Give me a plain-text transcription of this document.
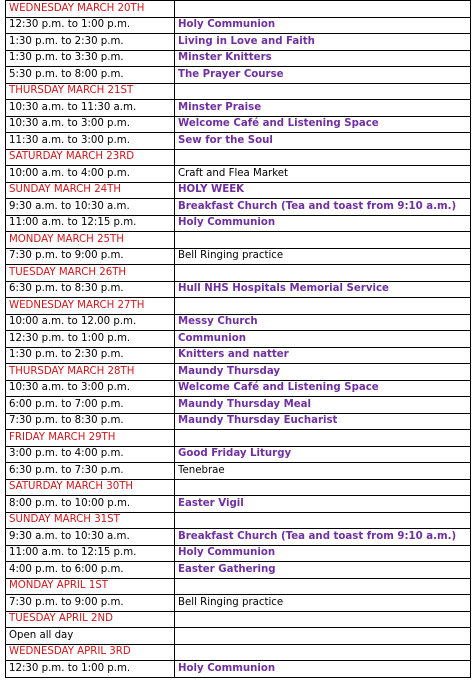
WEDNESDAY MARCH 20TH	
12:30 p.m. to 1:00 p.m.	Holy Communion
1:30 p.m. to 2:30 p.m.	Living in Love and Faith
1:30 p.m. to 3:30 p.m.	Minster Knitters
5:30 p.m. to 8:00 p.m.	The Prayer Course
THURSDAY MARCH 21ST	
10:30 a.m. to 11:30 a.m.	Minster Praise
10:30 a.m. to 3:00 p.m.	Welcome Café and Listening Space
11:30 a.m. to 3:00 p.m.	Sew for the Soul
SATURDAY MARCH 23RD	
10:00 a.m. to 4:00 p.m.	Craft and Flea Market
SUNDAY MARCH 24TH	HOLY WEEK
9:30 a.m. to 10:30 a.m.	Breakfast Church (Tea and toast from 9:10 a.m.)
11:00 a.m. to 12:15 p.m.	Holy Communion
MONDAY MARCH 25TH	
7:30 p.m. to 9:00 p.m.	Bell Ringing practice
TUESDAY MARCH 26TH	
6:30 p.m. to 8:30 p.m.	Hull NHS Hospitals Memorial Service
WEDNESDAY MARCH 27TH	
10:00 a.m. to 12.00 p.m.	Messy Church
12:30 p.m. to 1:00 p.m.	Communion
1:30 p.m. to 2:30 p.m.	Knitters and natter
THURSDAY MARCH 28TH	Maundy Thursday
10:30 a.m. to 3:00 p.m.	Welcome Café and Listening Space
6:00 p.m. to 7:00 p.m.	Maundy Thursday Meal
7:30 p.m. to 8:30 p.m.	Maundy Thursday Eucharist
FRIDAY MARCH 29TH	
3:00 p.m. to 4:00 p.m.	Good Friday Liturgy
6:30 p.m. to 7:30 p.m.	Tenebrae
SATURDAY MARCH 30TH	
8:00 p.m. to 10:00 p.m.	Easter Vigil
SUNDAY MARCH 31ST	
9:30 a.m. to 10:30 a.m.	Breakfast Church (Tea and toast from 9:10 a.m.)
11:00 a.m. to 12:15 p.m.	Holy Communion
4:00 p.m. to 6:00 p.m.	Easter Gathering
MONDAY APRIL 1ST	
7:30 p.m. to 9:00 p.m.	Bell Ringing practice
TUESDAY APRIL 2ND	
Open all day	
WEDNESDAY APRIL 3RD	
12:30 p.m. to 1:00 p.m.	Holy Communion
